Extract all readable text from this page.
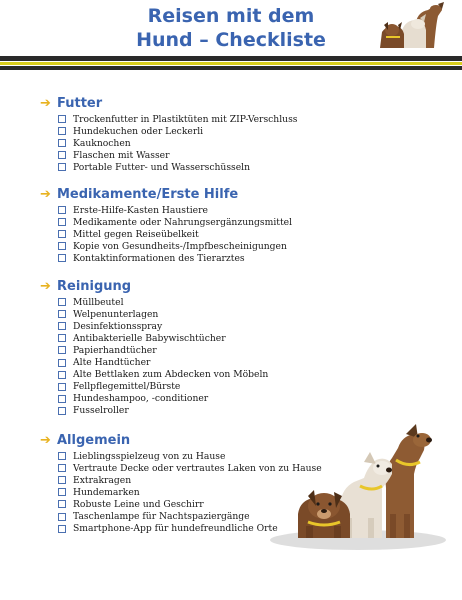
Reisen mit dem
Hund – Checkliste
➔ Futter
Trockenfutter in Plastiktüten mit ZIP-Verschluss
Hundekuchen oder Leckerli
Kauknochen
Flaschen mit Wasser
Portable Futter- und Wasserschüsseln
➔ Medikamente/Erste Hilfe
Erste-Hilfe-Kasten Haustiere
Medikamente oder Nahrungsergänzungsmittel
Mittel gegen Reiseübelkeit
Kopie von Gesundheits-/Impfbescheinigungen
Kontaktinformationen des Tierarztes
➔ Reinigung
Müllbeutel
Welpenunterlagen
Desinfektionsspray
Antibakterielle Babywischtücher
Papierhandtücher
Alte Handtücher
Alte Bettlaken zum Abdecken von Möbeln
Fellpflegemittel/Bürste
Hundeshampoo, -conditioner
Fusselroller
➔ Allgemein
Lieblingsspielzeug von zu Hause
Vertraute Decke oder vertrautes Laken von zu Hause
Extrakragen
Hundemarken
Robuste Leine und Geschirr
Taschenlampe für Nachtspaziergänge
Smartphone-App für hundefreundliche Orte
